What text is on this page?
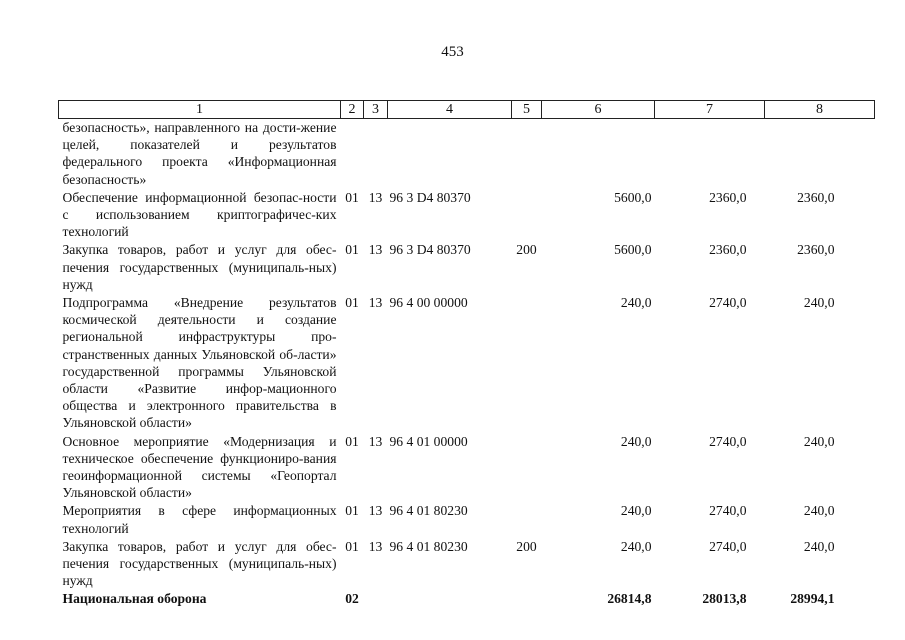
453
1	2	3	4	5	6	7	8
безопасность», направленного на дости-жение целей, показателей и результатов федерального проекта «Информационная безопасность»							
Обеспечение информационной безопас-ности с использованием криптографичес-ких технологий	01	13	96 3 D4 80370		5600,0	2360,0	2360,0
Закупка товаров, работ и услуг для обес-печения государственных (муниципаль-ных) нужд	01	13	96 3 D4 80370	200	5600,0	2360,0	2360,0
Подпрограмма «Внедрение результатов космической деятельности и создание региональной инфраструктуры про-странственных данных Ульяновской об-ласти» государственной программы Ульяновской области «Развитие инфор-мационного общества и электронного правительства в Ульяновской области»	01	13	96 4 00 00000		240,0	2740,0	240,0
Основное мероприятие «Модернизация и техническое обеспечение функциониро-вания геоинформационной системы «Геопортал Ульяновской области»	01	13	96 4 01 00000		240,0	2740,0	240,0
Мероприятия в сфере информационных технологий	01	13	96 4 01 80230		240,0	2740,0	240,0
Закупка товаров, работ и услуг для обес-печения государственных (муниципаль-ных) нужд	01	13	96 4 01 80230	200	240,0	2740,0	240,0
Национальная оборона	02				26814,8	28013,8	28994,1
